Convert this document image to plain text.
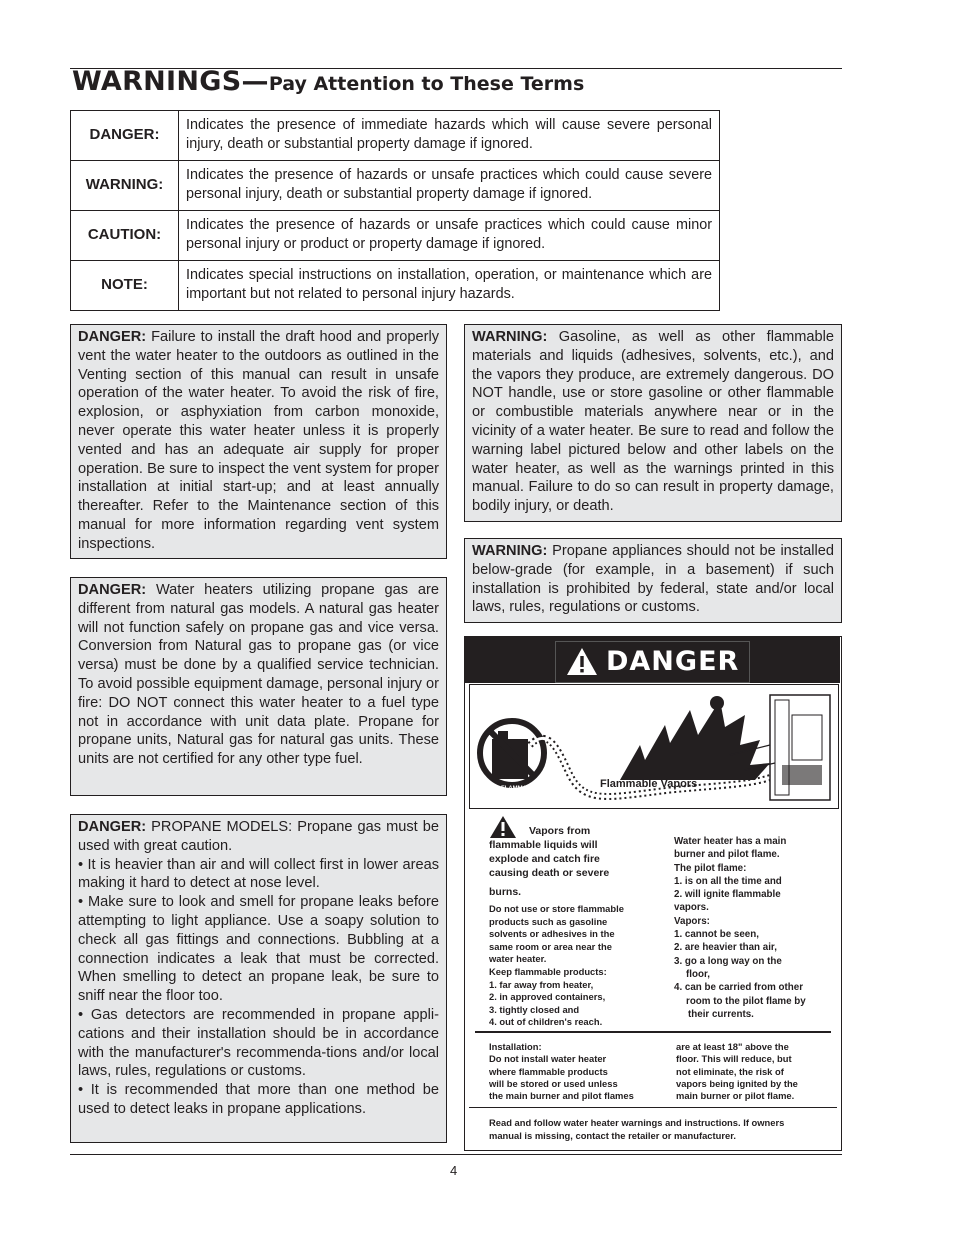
WARNINGS—Pay Attention to These Terms
DANGER:	Indicates the presence of immediate hazards which will cause severe personal injury, death or substantial property damage if ignored.
WARNING:	Indicates the presence of hazards or unsafe practices which could cause severe personal injury, death or substantial property damage if ignored.
CAUTION:	Indicates the presence of hazards or unsafe practices which could cause minor personal injury or product or property damage if ignored.
NOTE:	Indicates special instructions on installation, operation, or maintenance which are important but not related to personal injury hazards.

DANGER: Failure to install the draft hood and properly vent the water heater to the outdoors as outlined in the Venting section of this manual can result in unsafe operation of the water heater. To avoid the risk of fire, explosion, or asphyxiation from carbon monoxide, never operate this water heater unless it is properly vented and has an adequate air supply for proper operation. Be sure to inspect the vent system for proper installation at initial start-up; and at least annually thereafter. Refer to the Maintenance section of this manual for more information regarding vent system inspections.

DANGER: Water heaters utilizing propane gas are different from natural gas models. A natural gas heater will not function safely on propane gas and vice versa. Conversion from Natural gas to propane gas (or vice versa) must be done by a qualified service technician. To avoid possible equipment damage, personal injury or fire: DO NOT connect this water heater to a fuel type not in accordance with unit data plate. Propane for propane units, Natural gas for natural gas units. These units are not certified for any other type fuel.

DANGER: PROPANE MODELS: Propane gas must be used with great caution.

• It is heavier than air and will collect first in lower areas making it hard to detect at nose level.

• Make sure to look and smell for propane leaks before attempting to light appliance. Use a soapy solution to check all gas fittings and connections. Bubbling at a connection indicates a leak that must be corrected. When smelling to detect an propane leak, be sure to sniff near the floor too.

• Gas detectors are recommended in propane appli-cations and their installation should be in accordance with the manufacturer's recommenda-tions and/or local laws, rules, regulations or customs.

• It is recommended that more than one method be used to detect leaks in propane applications.

WARNING: Gasoline, as well as other flammable materials and liquids (adhesives, solvents, etc.), and the vapors they produce, are extremely dangerous. DO NOT handle, use or store gasoline or other flammable or combustible materials anywhere near or in the vicinity of a water heater. Be sure to read and follow the warning label pictured below and other labels on the water heater, as well as the warnings printed in this manual. Failure to do so can result in property damage, bodily injury, or death.

WARNING: Propane appliances should not be installed below-grade (for example, in a basement) if such installation is prohibited by federal, state and/or local laws, rules, regulations or customs.

DANGER
FLAMMABLES	Flammable Vapors
Vapors from
flammable liquids will
explode and catch fire
causing death or severe
burns.
Do not use or store flammable
products such as gasoline
solvents or adhesives in the
same room or area near the
water heater.
Keep flammable products:
1. far away from heater,
2. in approved containers,
3. tightly closed and
4. out of children's reach.
Water heater has a main
burner and pilot flame.
The pilot flame:
1. is on all the time and
2. will ignite flammable
vapors.
Vapors:
1. cannot be seen,
2. are heavier than air,
3. go a long way on the
floor,
4. can be carried from other
room to the pilot flame by
their currents.
Installation:
Do not install water heater
where flammable products
will be stored or used unless
the main burner and pilot flames
are at least 18" above the
floor. This will reduce, but
not eliminate, the risk of
vapors being ignited by the
main burner or pilot flame.
Read and follow water heater warnings and instructions. If owners
manual is missing, contact the retailer or manufacturer.
4
